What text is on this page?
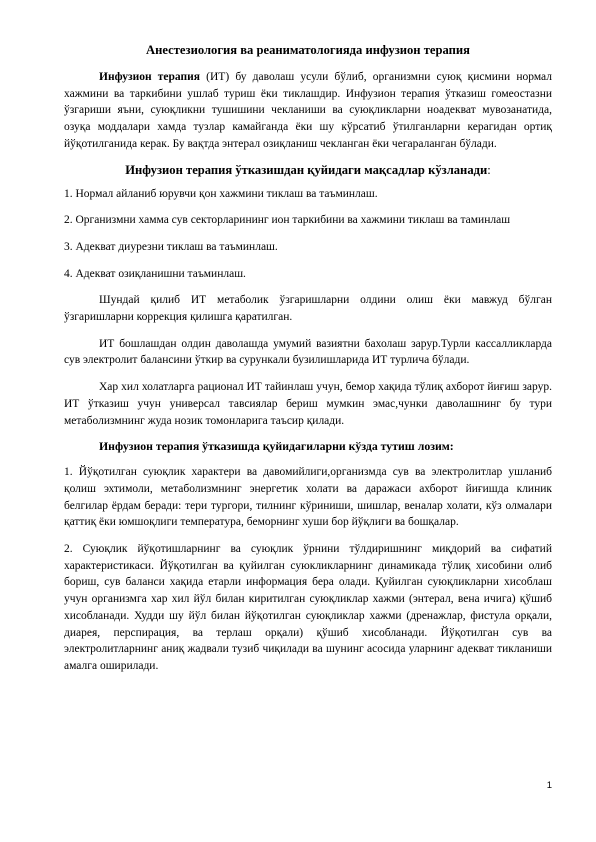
Анестезиология ва реаниматологияда инфузион терапия

Инфузион терапия (ИТ) бу даволаш усули бўлиб, организмни суюқ қисмини нормал хажмини ва таркибини ушлаб туриш ёки тиклашдир. Инфузион терапия ўтказиш гомеостазни ўзгариши яъни, суюқликни тушишини чекланиши ва суюқликларни ноадекват мувозанатида, озуқа моддалари хамда тузлар камайганда ёки шу кўрсатиб ўтилганларни керагидан ортиқ йўқотилганида керак. Бу вақтда энтерал озиқланиш чекланган ёки чегараланган бўлади.

Инфузион терапия ўтказишдан қуйидаги мақсадлар кўзланади:

1. Нормал айланиб юрувчи қон хажмини тиклаш ва таъминлаш.

2. Организмни хамма сув секторларининг ион таркибини ва хажмини тиклаш ва таминлаш

3. Адекват диурезни тиклаш ва таъминлаш.

4. Адекват озиқланишни таъминлаш.

Шундай қилиб ИТ метаболик ўзгаришларни олдини олиш ёки мавжуд бўлган ўзгаришларни коррекция қилишга қаратилган.

ИТ бошлашдан олдин даволашда умумий вазиятни бахолаш зарур.Турли кассалликларда сув электролит балансини ўткир ва сурункали бузилишларида ИТ турлича бўлади.

Хар хил холатларга рационал ИТ тайинлаш учун, бемор хақида тўлиқ ахборот йиғиш зарур. ИТ ўтказиш учун универсал тавсиялар бериш мумкин эмас,чунки даволашнинг бу тури метаболизмнинг жуда нозик томонларига таъсир қилади.

Инфузион терапия ўтказишда қуйидагиларни кўзда тутиш лозим:

1. Йўқотилган суюқлик характери ва давомийлиги,организмда сув ва электролитлар ушланиб қолиш эхтимоли, метаболизмнинг энергетик холати ва даражаси ахборот йиғишда клиник белгилар ёрдам беради: тери тургори, тилнинг кўриниши, шишлар, веналар холати, кўз олмалари қаттиқ ёки юмшоқлиги температура, беморнинг хуши бор йўқлиги ва бошқалар.

2. Суюқлик йўқотишларнинг ва суюқлик ўрнини тўлдиришнинг миқдорий ва сифатий характеристикаси. Йўқотилган ва қуйилган суюкликларнинг динамикада тўлиқ хисобини олиб бориш, сув баланси хақида етарли информация бера олади. Қуйилган суюқликларни хисоблаш учун организмга хар хил йўл билан киритилган суюқликлар хажми (энтерал, вена ичига) қўшиб хисобланади. Худди шу йўл билан йўқотилган суюқликлар хажми (дренажлар, фистула орқали, диарея, перспирация, ва терлаш орқали) қўшиб хисобланади. Йўқотилган сув ва электролитларнинг аниқ жадвали тузиб чиқилади ва шунинг асосида уларнинг адекват тикланиши амалга оширилади.

1
